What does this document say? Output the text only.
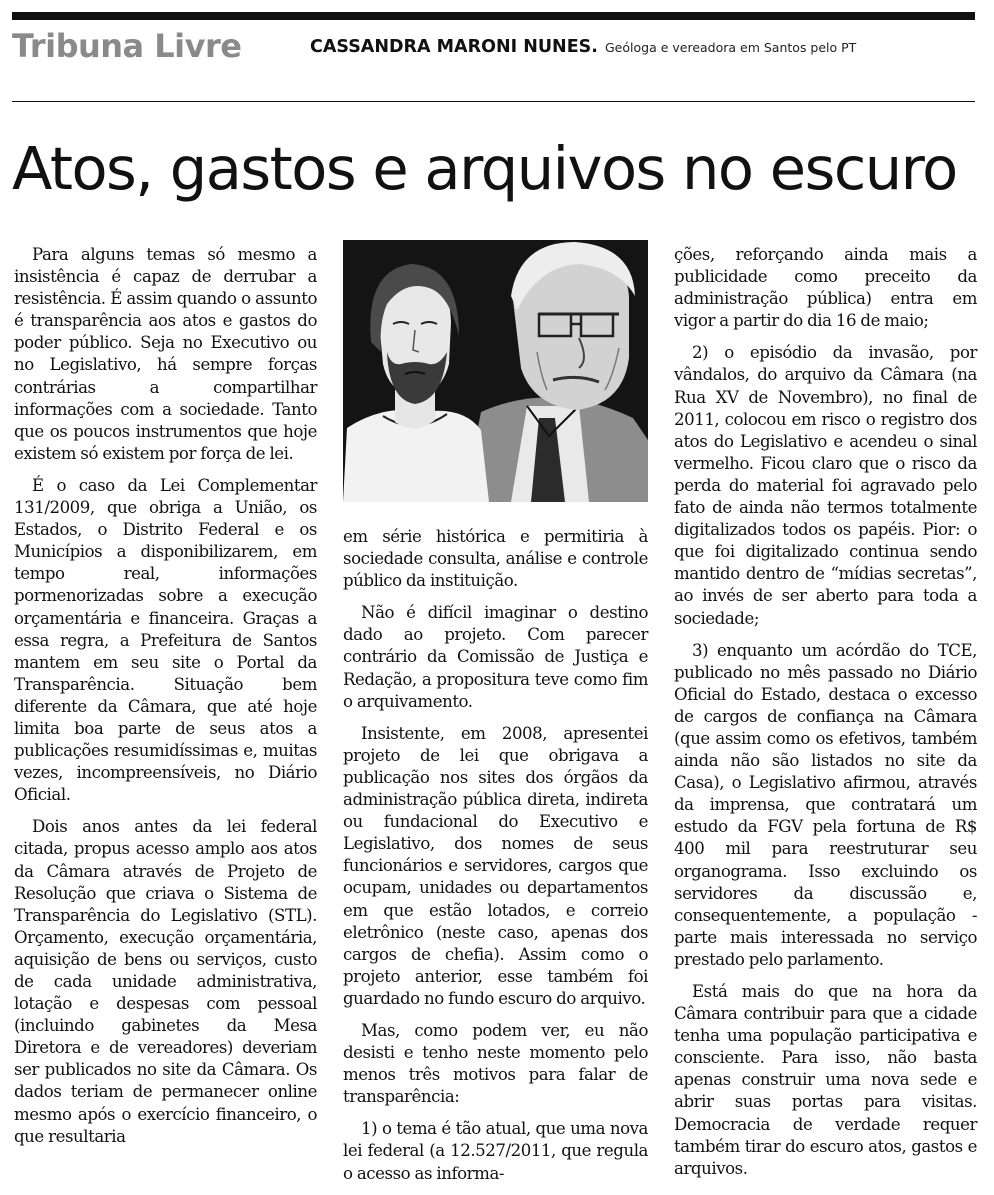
Tribuna Livre	CASSANDRA MARONI NUNES. Geóloga e vereadora em Santos pelo PT
Atos, gastos e arquivos no escuro

Para alguns temas só mesmo a insistência é capaz de derrubar a resistência. É assim quando o assunto é transparência aos atos e gastos do poder público. Seja no Executivo ou no Legislativo, há sempre forças contrárias a compartilhar informações com a sociedade. Tanto que os poucos instrumentos que hoje existem só existem por força de lei.

É o caso da Lei Complementar 131/2009, que obriga a União, os Estados, o Distrito Federal e os Municípios a disponibilizarem, em tempo real, informações pormenorizadas sobre a execução orçamentária e financeira. Graças a essa regra, a Prefeitura de Santos mantem em seu site o Portal da Transparência. Situação bem diferente da Câmara, que até hoje limita boa parte de seus atos a publicações resumidíssimas e, muitas vezes, incompreensíveis, no Diário Oficial.

Dois anos antes da lei federal citada, propus acesso amplo aos atos da Câmara através de Projeto de Resolução que criava o Sistema de Transparência do Legislativo (STL). Orçamento, execução orçamentária, aquisição de bens ou serviços, custo de cada unidade administrativa, lotação e despesas com pessoal (incluindo gabinetes da Mesa Diretora e de vereadores) deveriam ser publicados no site da Câmara. Os dados teriam de permanecer online mesmo após o exercício financeiro, o que resultaria

em série histórica e permitiria à sociedade consulta, análise e controle público da instituição.

Não é difícil imaginar o destino dado ao projeto. Com parecer contrário da Comissão de Justiça e Redação, a propositura teve como fim o arquivamento.

Insistente, em 2008, apresentei projeto de lei que obrigava a publicação nos sites dos órgãos da administração pública direta, indireta ou fundacional do Executivo e Legislativo, dos nomes de seus funcionários e servidores, cargos que ocupam, unidades ou departamentos em que estão lotados, e correio eletrônico (neste caso, apenas dos cargos de chefia). Assim como o projeto anterior, esse também foi guardado no fundo escuro do arquivo.

Mas, como podem ver, eu não desisti e tenho neste momento pelo menos três motivos para falar de transparência:

1) o tema é tão atual, que uma nova lei federal (a 12.527/2011, que regula o acesso as informa-

ções, reforçando ainda mais a publicidade como preceito da administração pública) entra em vigor a partir do dia 16 de maio;

2) o episódio da invasão, por vândalos, do arquivo da Câmara (na Rua XV de Novembro), no final de 2011, colocou em risco o registro dos atos do Legislativo e acendeu o sinal vermelho. Ficou claro que o risco da perda do material foi agravado pelo fato de ainda não termos totalmente digitalizados todos os papéis. Pior: o que foi digitalizado continua sendo mantido dentro de “mídias secretas”, ao invés de ser aberto para toda a sociedade;

3) enquanto um acórdão do TCE, publicado no mês passado no Diário Oficial do Estado, destaca o excesso de cargos de confiança na Câmara (que assim como os efetivos, também ainda não são listados no site da Casa), o Legislativo afirmou, através da imprensa, que contratará um estudo da FGV pela fortuna de R$ 400 mil para reestruturar seu organograma. Isso excluindo os servidores da discussão e, consequentemente, a população - parte mais interessada no serviço prestado pelo parlamento.

Está mais do que na hora da Câmara contribuir para que a cidade tenha uma população participativa e consciente. Para isso, não basta apenas construir uma nova sede e abrir suas portas para visitas. Democracia de verdade requer também tirar do escuro atos, gastos e arquivos.
